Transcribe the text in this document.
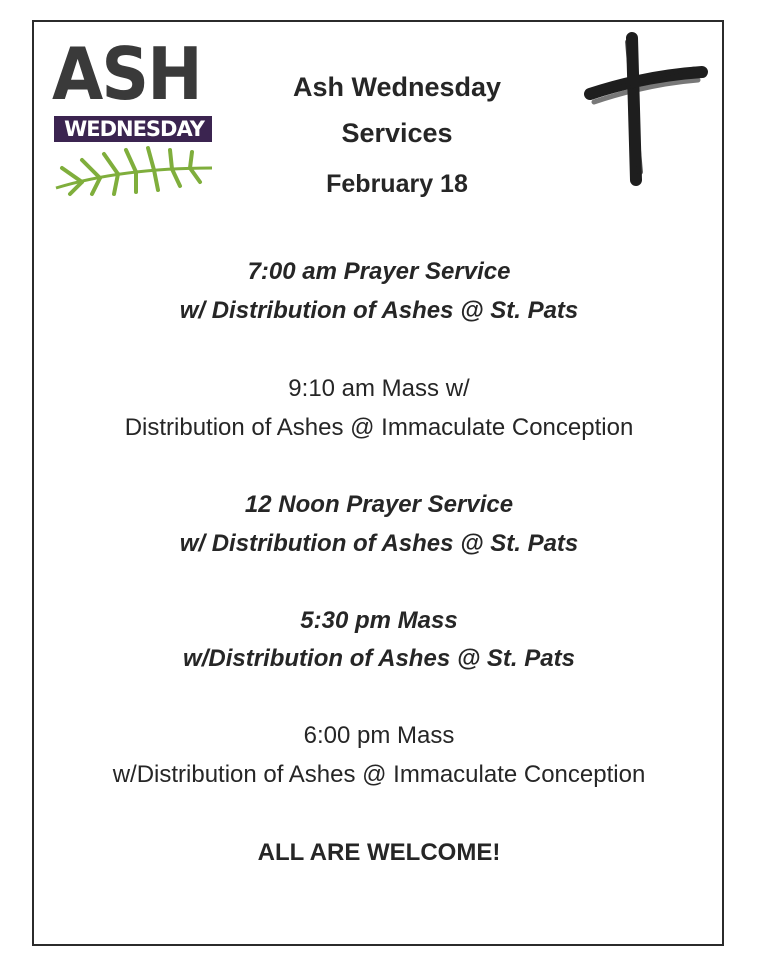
ASH
WEDNESDAY
Ash Wednesday
Services
February 18
7:00 am Prayer Service
w/ Distribution of Ashes @ St. Pats
9:10 am Mass w/
Distribution of Ashes @ Immaculate Conception
12 Noon Prayer Service
w/ Distribution of Ashes @ St. Pats
5:30 pm Mass
w/Distribution of Ashes @ St. Pats
6:00 pm Mass
w/Distribution of Ashes @ Immaculate Conception
ALL ARE WELCOME!
